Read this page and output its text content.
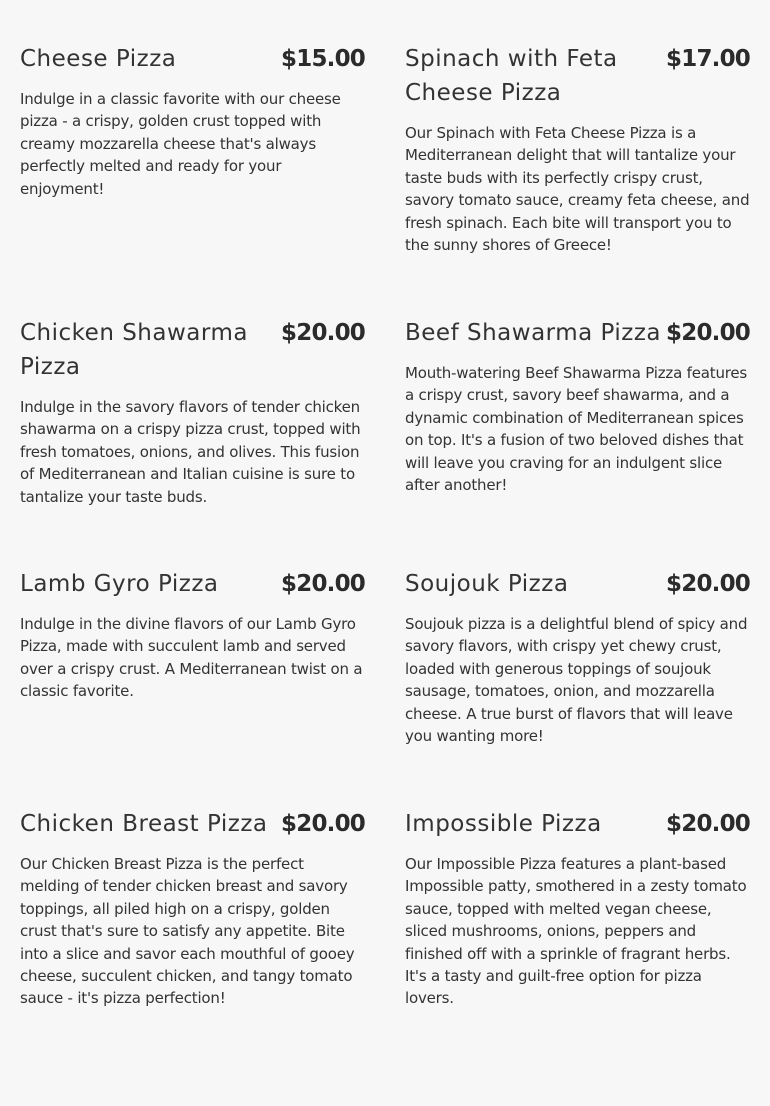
Cheese Pizza	$15.00

Indulge in a classic favorite with our cheese pizza - a crispy, golden crust topped with creamy mozzarella cheese that's always perfectly melted and ready for your enjoyment!

Spinach with Feta Cheese Pizza
$17.00

Our Spinach with Feta Cheese Pizza is a Mediterranean delight that will tantalize your taste buds with its perfectly crispy crust, savory tomato sauce, creamy feta cheese, and fresh spinach. Each bite will transport you to the sunny shores of Greece!

Chicken Shawarma Pizza
$20.00

Indulge in the savory flavors of tender chicken shawarma on a crispy pizza crust, topped with fresh tomatoes, onions, and olives. This fusion of Mediterranean and Italian cuisine is sure to tantalize your taste buds.

Beef Shawarma Pizza $20.00

Mouth-watering Beef Shawarma Pizza features a crispy crust, savory beef shawarma, and a dynamic combination of Mediterranean spices on top. It's a fusion of two beloved dishes that will leave you craving for an indulgent slice after another!

Lamb Gyro Pizza	$20.00

Indulge in the divine flavors of our Lamb Gyro Pizza, made with succulent lamb and served over a crispy crust. A Mediterranean twist on a classic favorite.

Soujouk Pizza	$20.00

Soujouk pizza is a delightful blend of spicy and savory flavors, with crispy yet chewy crust, loaded with generous toppings of soujouk sausage, tomatoes, onion, and mozzarella cheese. A true burst of flavors that will leave you wanting more!

Chicken Breast Pizza $20.00

Our Chicken Breast Pizza is the perfect melding of tender chicken breast and savory toppings, all piled high on a crispy, golden crust that's sure to satisfy any appetite. Bite into a slice and savor each mouthful of gooey cheese, succulent chicken, and tangy tomato sauce - it's pizza perfection!

Impossible Pizza	$20.00

Our Impossible Pizza features a plant-based Impossible patty, smothered in a zesty tomato sauce, topped with melted vegan cheese, sliced mushrooms, onions, peppers and finished off with a sprinkle of fragrant herbs. It's a tasty and guilt-free option for pizza lovers.
